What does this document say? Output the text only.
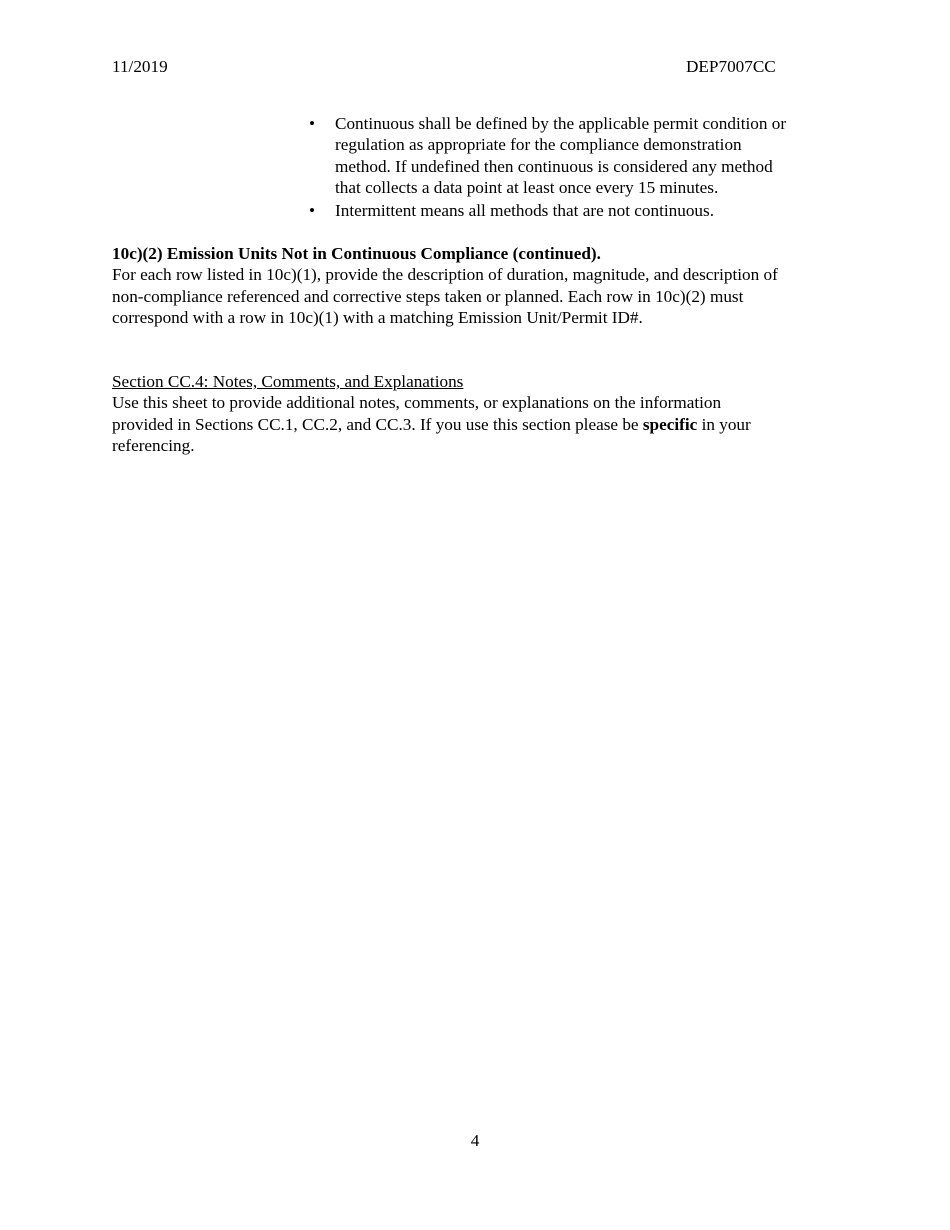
11/2019	DEP7007CC
• Continuous shall be defined by the applicable permit condition or
regulation as appropriate for the compliance demonstration
method. If undefined then continuous is considered any method
that collects a data point at least once every 15 minutes.
• Intermittent means all methods that are not continuous.

10c)(2) Emission Units Not in Continuous Compliance (continued).

For each row listed in 10c)(1), provide the description of duration, magnitude, and description of
non-compliance referenced and corrective steps taken or planned. Each row in 10c)(2) must
correspond with a row in 10c)(1) with a matching Emission Unit/Permit ID#.

Section CC.4: Notes, Comments, and Explanations

Use this sheet to provide additional notes, comments, or explanations on the information
provided in Sections CC.1, CC.2, and CC.3. If you use this section please be specific in your
referencing.

4
